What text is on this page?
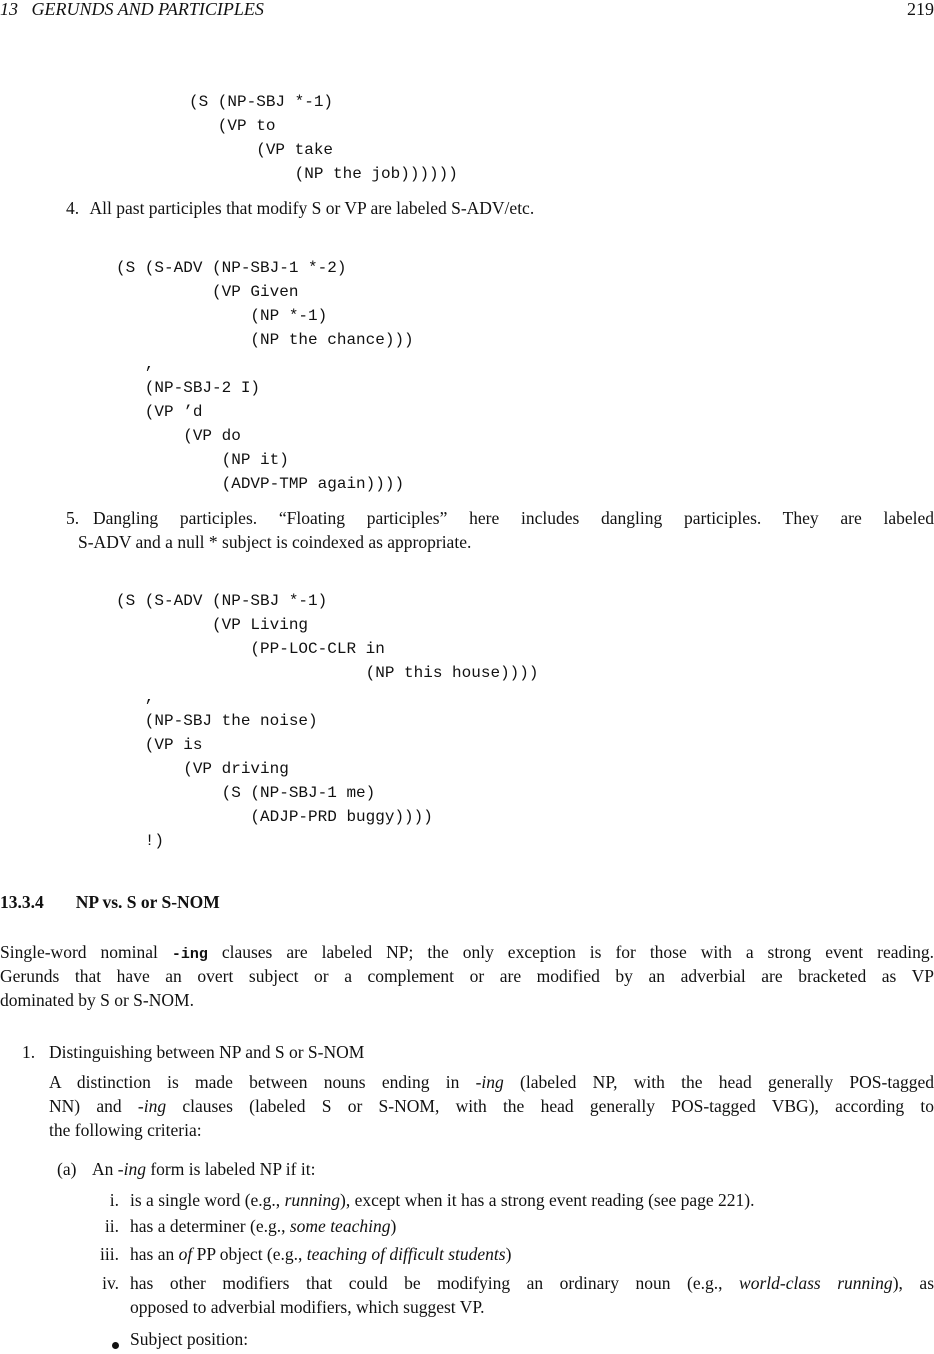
13 GERUNDS AND PARTICIPLES	219

(S (NP-SBJ *-1)
(VP to
(VP take
(NP the job))))))

4. All past participles that modify S or VP are labeled S-ADV/etc.

(S (S-ADV (NP-SBJ-1 *-2)
(VP Given
(NP *-1)
(NP the chance)))
,
(NP-SBJ-2 I)
(VP ’d
(VP do
(NP it)
(ADVP-TMP again))))

5. Dangling participles. “Floating participles” here includes dangling participles. They are labeled
S-ADV and a null * subject is coindexed as appropriate.

(S (S-ADV (NP-SBJ *-1)
(VP Living
(PP-LOC-CLR in
(NP this house))))
,
(NP-SBJ the noise)
(VP is
(VP driving
(S (NP-SBJ-1 me)
(ADJP-PRD buggy))))
!)

13.3.4 NP vs. S or S-NOM
Single-word nominal -ing clauses are labeled NP; the only exception is for those with a strong event reading.
Gerunds that have an overt subject or a complement or are modified by an adverbial are bracketed as VP
dominated by S or S-NOM.
1. Distinguishing between NP and S or S-NOM
A distinction is made between nouns ending in -ing (labeled NP, with the head generally POS-tagged
NN) and -ing clauses (labeled S or S-NOM, with the head generally POS-tagged VBG), according to
the following criteria:
(a) An -ing form is labeled NP if it:
i. is a single word (e.g., running), except when it has a strong event reading (see page 221).
ii. has a determiner (e.g., some teaching)
iii. has an of PP object (e.g., teaching of difficult students)
iv. has other modifiers that could be modifying an ordinary noun (e.g., world-class running), as
opposed to adverbial modifiers, which suggest VP.
Subject position:
